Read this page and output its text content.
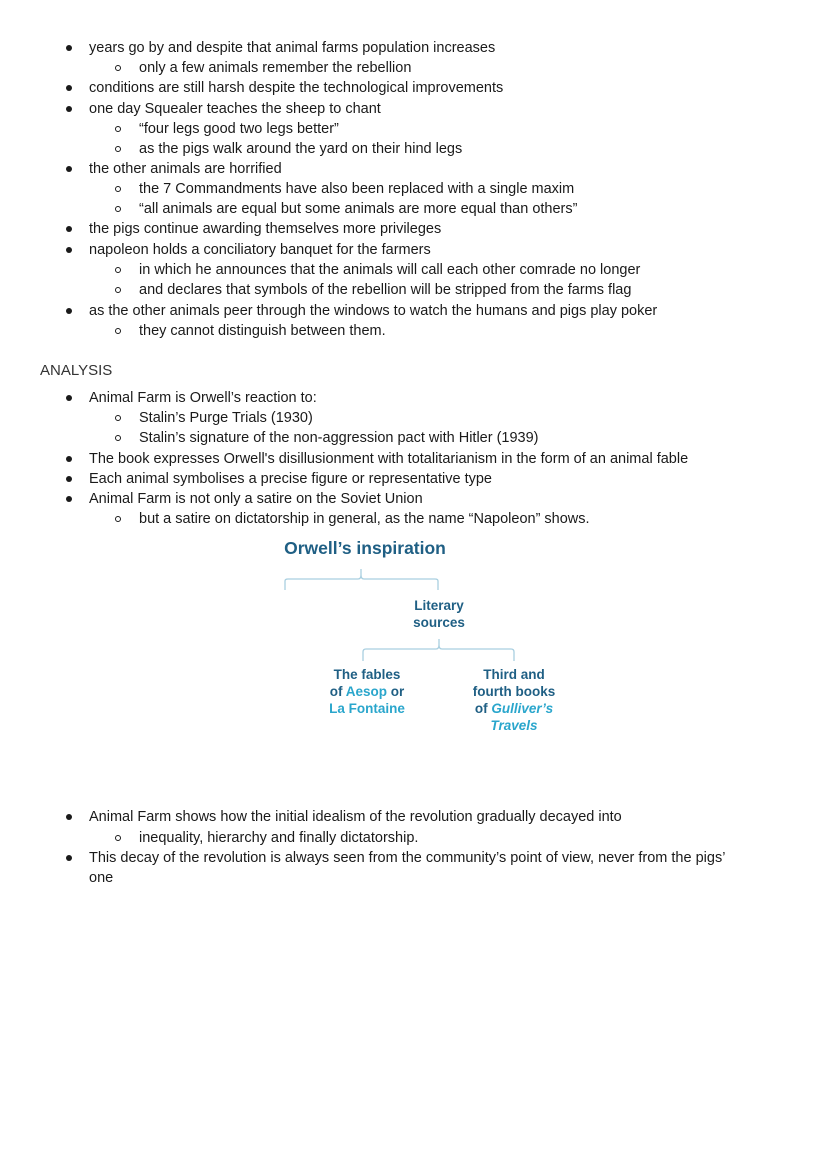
years go by and despite that animal farms population increases
only a few animals remember the rebellion
conditions are still harsh despite the technological improvements
one day Squealer teaches the sheep to chant
“four legs good two legs better”
as the pigs walk around the yard on their hind legs
the other animals are horrified
the 7 Commandments have also been replaced with a single maxim
“all animals are equal but some animals are more equal than others”
the pigs continue awarding themselves more privileges
napoleon holds a conciliatory banquet for the farmers
in which he announces that the animals will call each other comrade no longer
and declares that symbols of the rebellion will be stripped from the farms flag
as the other animals peer through the windows to watch the humans and pigs play poker
they cannot distinguish between them.
ANALYSIS
Animal Farm is Orwell’s reaction to:
Stalin’s Purge Trials (1930)
Stalin’s signature of the non-aggression pact with Hitler (1939)
The book expresses Orwell's disillusionment with totalitarianism in the form of an animal fable
Each animal symbolises a precise figure or representative type
Animal Farm is not only a satire on the Soviet Union
but a satire on dictatorship in general, as the name “Napoleon” shows.
Orwell’s inspiration
Literary
sources
The fables
of Aesop or
La Fontaine
Third and
fourth books
of Gulliver’s
Travels
Animal Farm shows how the initial idealism of the revolution gradually decayed into
inequality, hierarchy and finally dictatorship.
This decay of the revolution is always seen from the community’s point of view, never from the pigs’
one
